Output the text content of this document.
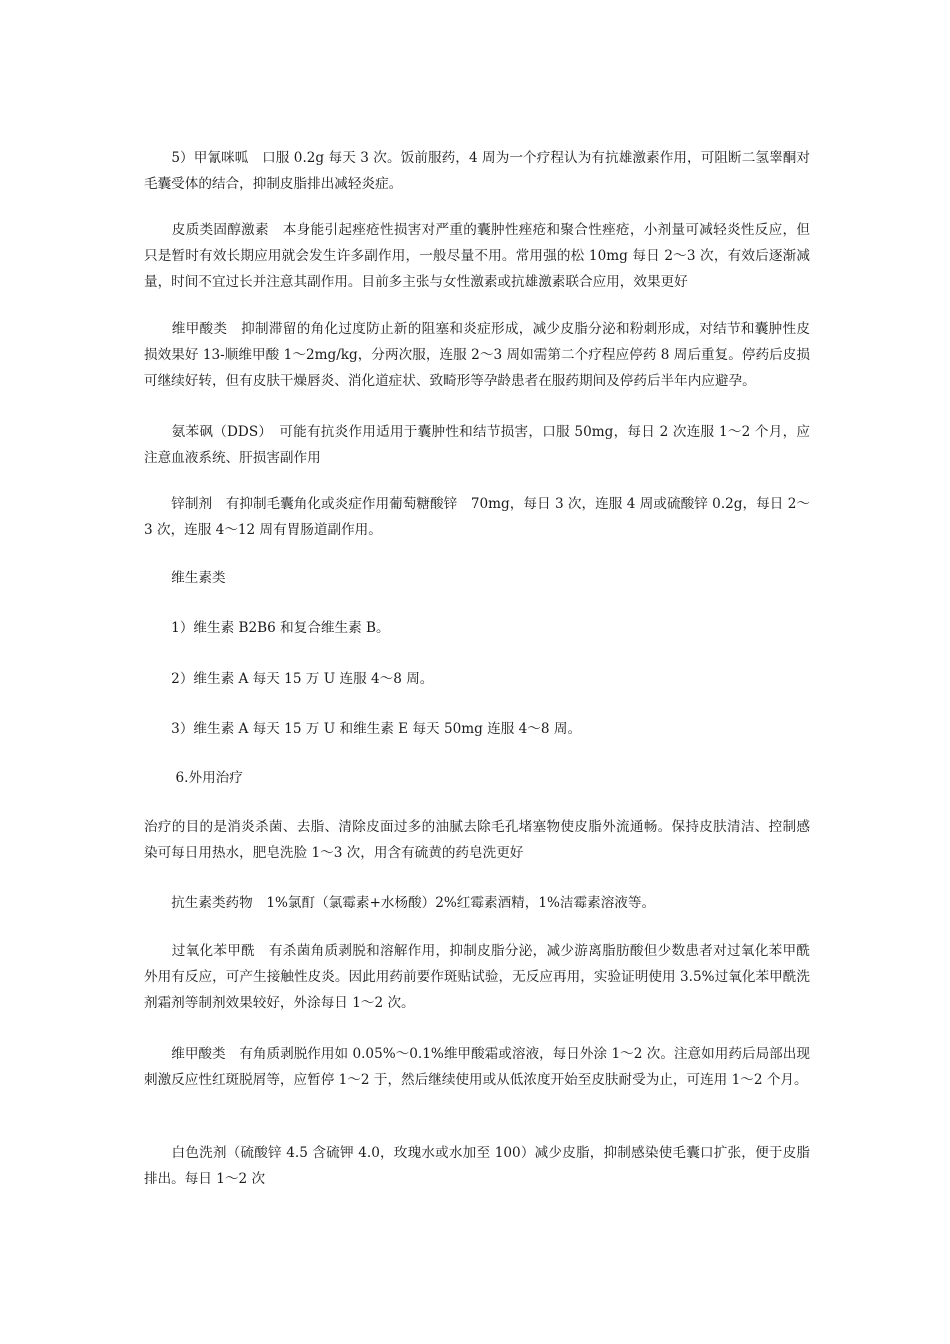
　　5）甲氰咪呱　口服 0.2g 每天 3 次。饭前服药，4 周为一个疗程认为有抗雄激素作用，可阻断二氢睾酮对毛囊受体的结合，抑制皮脂排出减轻炎症。

　　皮质类固醇激素　本身能引起痤疮性损害对严重的囊肿性痤疮和聚合性痤疮，小剂量可减轻炎性反应，但只是暂时有效长期应用就会发生许多副作用，一般尽量不用。常用强的松 10mg 每日 2～3 次，有效后逐渐减量，时间不宜过长并注意其副作用。目前多主张与女性激素或抗雄激素联合应用，效果更好

　　维甲酸类　抑制滞留的角化过度防止新的阻塞和炎症形成，减少皮脂分泌和粉刺形成，对结节和囊肿性皮损效果好 13-顺维甲酸 1～2mg/kg，分两次服，连服 2～3 周如需第二个疗程应停药 8 周后重复。停药后皮损可继续好转，但有皮肤干燥唇炎、消化道症状、致畸形等孕龄患者在服药期间及停药后半年内应避孕。

　　氨苯砜（DDS）　可能有抗炎作用适用于囊肿性和结节损害，口服 50mg，每日 2 次连服 1～2 个月，应注意血液系统、肝损害副作用

　　锌制剂　有抑制毛囊角化或炎症作用葡萄糖酸锌　70mg，每日 3 次，连服 4 周或硫酸锌 0.2g，每日 2～3 次，连服 4～12 周有胃肠道副作用。

　　维生素类

　　1）维生素 B2B6 和复合维生素 B。

　　2）维生素 A 每天 15 万 U 连服 4～8 周。

　　3）维生素 A 每天 15 万 U 和维生素 E 每天 50mg 连服 4～8 周。

　　 6.外用治疗

治疗的目的是消炎杀菌、去脂、清除皮面过多的油腻去除毛孔堵塞物使皮脂外流通畅。保持皮肤清洁、控制感染可每日用热水，肥皂洗脸 1～3 次，用含有硫黄的药皂洗更好

　　抗生素类药物　1%氯酊（氯霉素+水杨酸）2%红霉素酒精，1%洁霉素溶液等。

　　过氧化苯甲酰　有杀菌角质剥脱和溶解作用，抑制皮脂分泌，减少游离脂肪酸但少数患者对过氧化苯甲酰外用有反应，可产生接触性皮炎。因此用药前要作斑贴试验，无反应再用，实验证明使用 3.5%过氧化苯甲酰洗剂霜剂等制剂效果较好，外涂每日 1～2 次。

　　维甲酸类　有角质剥脱作用如 0.05%～0.1%维甲酸霜或溶液，每日外涂 1～2 次。注意如用药后局部出现刺激反应性红斑脱屑等，应暂停 1～2 于，然后继续使用或从低浓度开始至皮肤耐受为止，可连用 1～2 个月。

　　白色洗剂（硫酸锌 4.5 含硫钾 4.0，玫瑰水或水加至 100）减少皮脂，抑制感染使毛囊口扩张，便于皮脂排出。每日 1～2 次
